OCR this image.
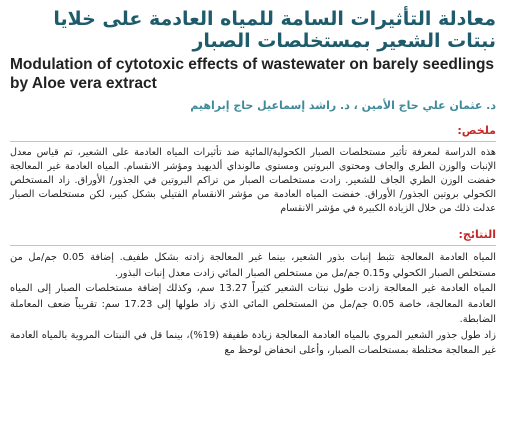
معادلة التأثيرات السامة للمياه العادمة على خلايا نبتات الشعير بمستخلصات الصبار
Modulation of cytotoxic effects of wastewater on barely seedlings by Aloe vera extract
د. عثمان علي حاج الأمين ، د. راشد إسماعيل حاج إبراهيم
ملخص:
هذه الدراسة لمعرفة تأثير مستخلصات الصبار الكحولية/المائية ضد تأثيرات المياه العادمة على الشعير، تم قياس معدل الإنبات والوزن الطري والجاف ومحتوى البروتين ومستوى مالونداي ألديهيد ومؤشر الانقسام. المياه العادمة غير المعالجة خفضت الوزن الطري الجاف للشعير. زادت مستخلصات الصبار من تراكم البروتين في الجذور/ الأوراق. زاد المستخلص الكحولي بروتين الجذور/ الأوراق. خفضت المياه العادمة من مؤشر الانقسام الفتيلي بشكل كبير، لكن مستخلصات الصبار عدلت ذلك من خلال الزيادة الكبيرة في مؤشر الانقسام
النتائج:

المياه العادمة المعالجة تثبط إنبات بذور الشعير، بينما غير المعالجة زادته بشكل طفيف. إضافة 0.05 جم/مل من مستخلص الصبار الكحولي و0.15 جم/مل من مستخلص الصبار المائي زادت معدل إنبات البذور.

المياه العادمة غير المعالجة زادت طول نبتات الشعير كثيراً 13.27 سم، وكذلك إضافة مستخلصات الصبار إلى المياه العادمة المعالجة، خاصة 0.05 جم/مل من المستخلص المائي الذي زاد طولها إلى 17.23 سم: تقريباً ضعف المعاملة الضابطة.

زاد طول جذور الشعير المروي بالمياه العادمة المعالجة زيادة طفيفة (19%)، بينما قل في النبتات المروية بالمياه العادمة غير المعالجة مختلطة بمستخلصات الصبار، وأعلى انخفاض لوحظ مع
